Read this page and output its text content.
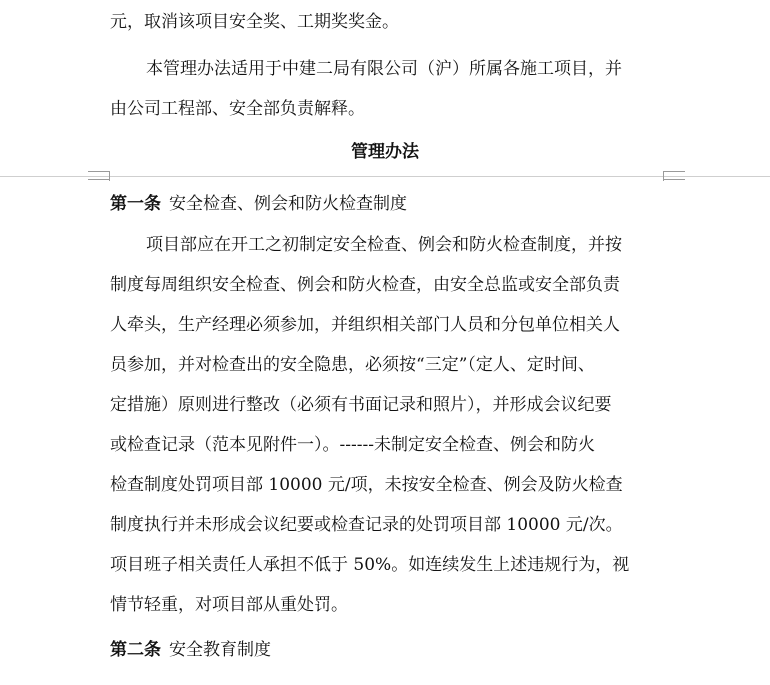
元，取消该项目安全奖、工期奖奖金。
本管理办法适用于中建二局有限公司（沪）所属各施工项目，并
由公司工程部、安全部负责解释。
管理办法
第一条 安全检查、例会和防火检查制度
项目部应在开工之初制定安全检查、例会和防火检查制度，并按
制度每周组织安全检查、例会和防火检查，由安全总监或安全部负责
人牵头，生产经理必须参加，并组织相关部门人员和分包单位相关人
员参加，并对检查出的安全隐患，必须按“三定”（定人、定时间、
定措施）原则进行整改（必须有书面记录和照片），并形成会议纪要
或检查记录（范本见附件一）。------未制定安全检查、例会和防火
检查制度处罚项目部 10000 元/项，未按安全检查、例会及防火检查
制度执行并未形成会议纪要或检查记录的处罚项目部 10000 元/次。
项目班子相关责任人承担不低于 50%。如连续发生上述违规行为，视
情节轻重，对项目部从重处罚。
第二条 安全教育制度
